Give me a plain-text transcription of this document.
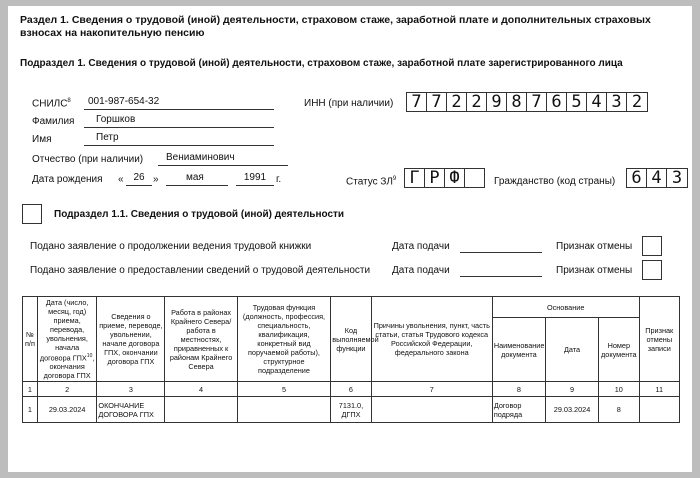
Раздел 1. Сведения о трудовой (иной) деятельности, страховом стаже, заработной плате и дополнительных страховых взносах на накопительную пенсию
Подраздел 1. Сведения о трудовой (иной) деятельности, страховом стаже, заработной плате зарегистрированного лица
СНИЛС$^8$	001-987-654-32	ИНН (при наличии) 7 7 2 2 9 8 7 6 5 4 3 2
Фамилия	Горшков
Имя	Петр
Отчество (при наличии)	Вениаминович
Дата рождения « 26 »	мая	1991 г.	Статус $ЗЛ^9$ Г Р Ф	Гражданство (код страны) 6 4 3
Подраздел 1.1. Сведения о трудовой (иной) деятельности
Подано заявление о продолжении ведения трудовой книжки	Дата подачи	Признак отмены
Подано заявление о предоставлении сведений о трудовой деятельности Дата подачи	Признак отмены
№ п/п	Дата (число, месяц, год) приема, перевода, увольнения, начала договора ГПХ$^{10}$, окончания договора ГПХ	Сведения о приеме, переводе, увольнении, начале договора ГПХ, окончании договора ГПХ	Работа в районах Крайнего Севера/ работа в местностях, приравненных к районам Крайнего Севера	Трудовая функция (должность, профессия, специальность, квалификация, конкретный вид поручаемой работы), структурное подразделение	Код выполняемой функции	Причины увольнения, пункт, часть статьи, статья Трудового кодекса Российской Федерации, федерального закона	Основание			Признак отмены записи
							Наименование документа	Дата	Номер документа	
1	2	3	4	5	6	7	8	9	10	11
1	29.03.2024	ОКОНЧАНИЕ ДОГОВОРА ГПХ			7131.0, ДГПХ		Договор подряда	29.03.2024	8	
